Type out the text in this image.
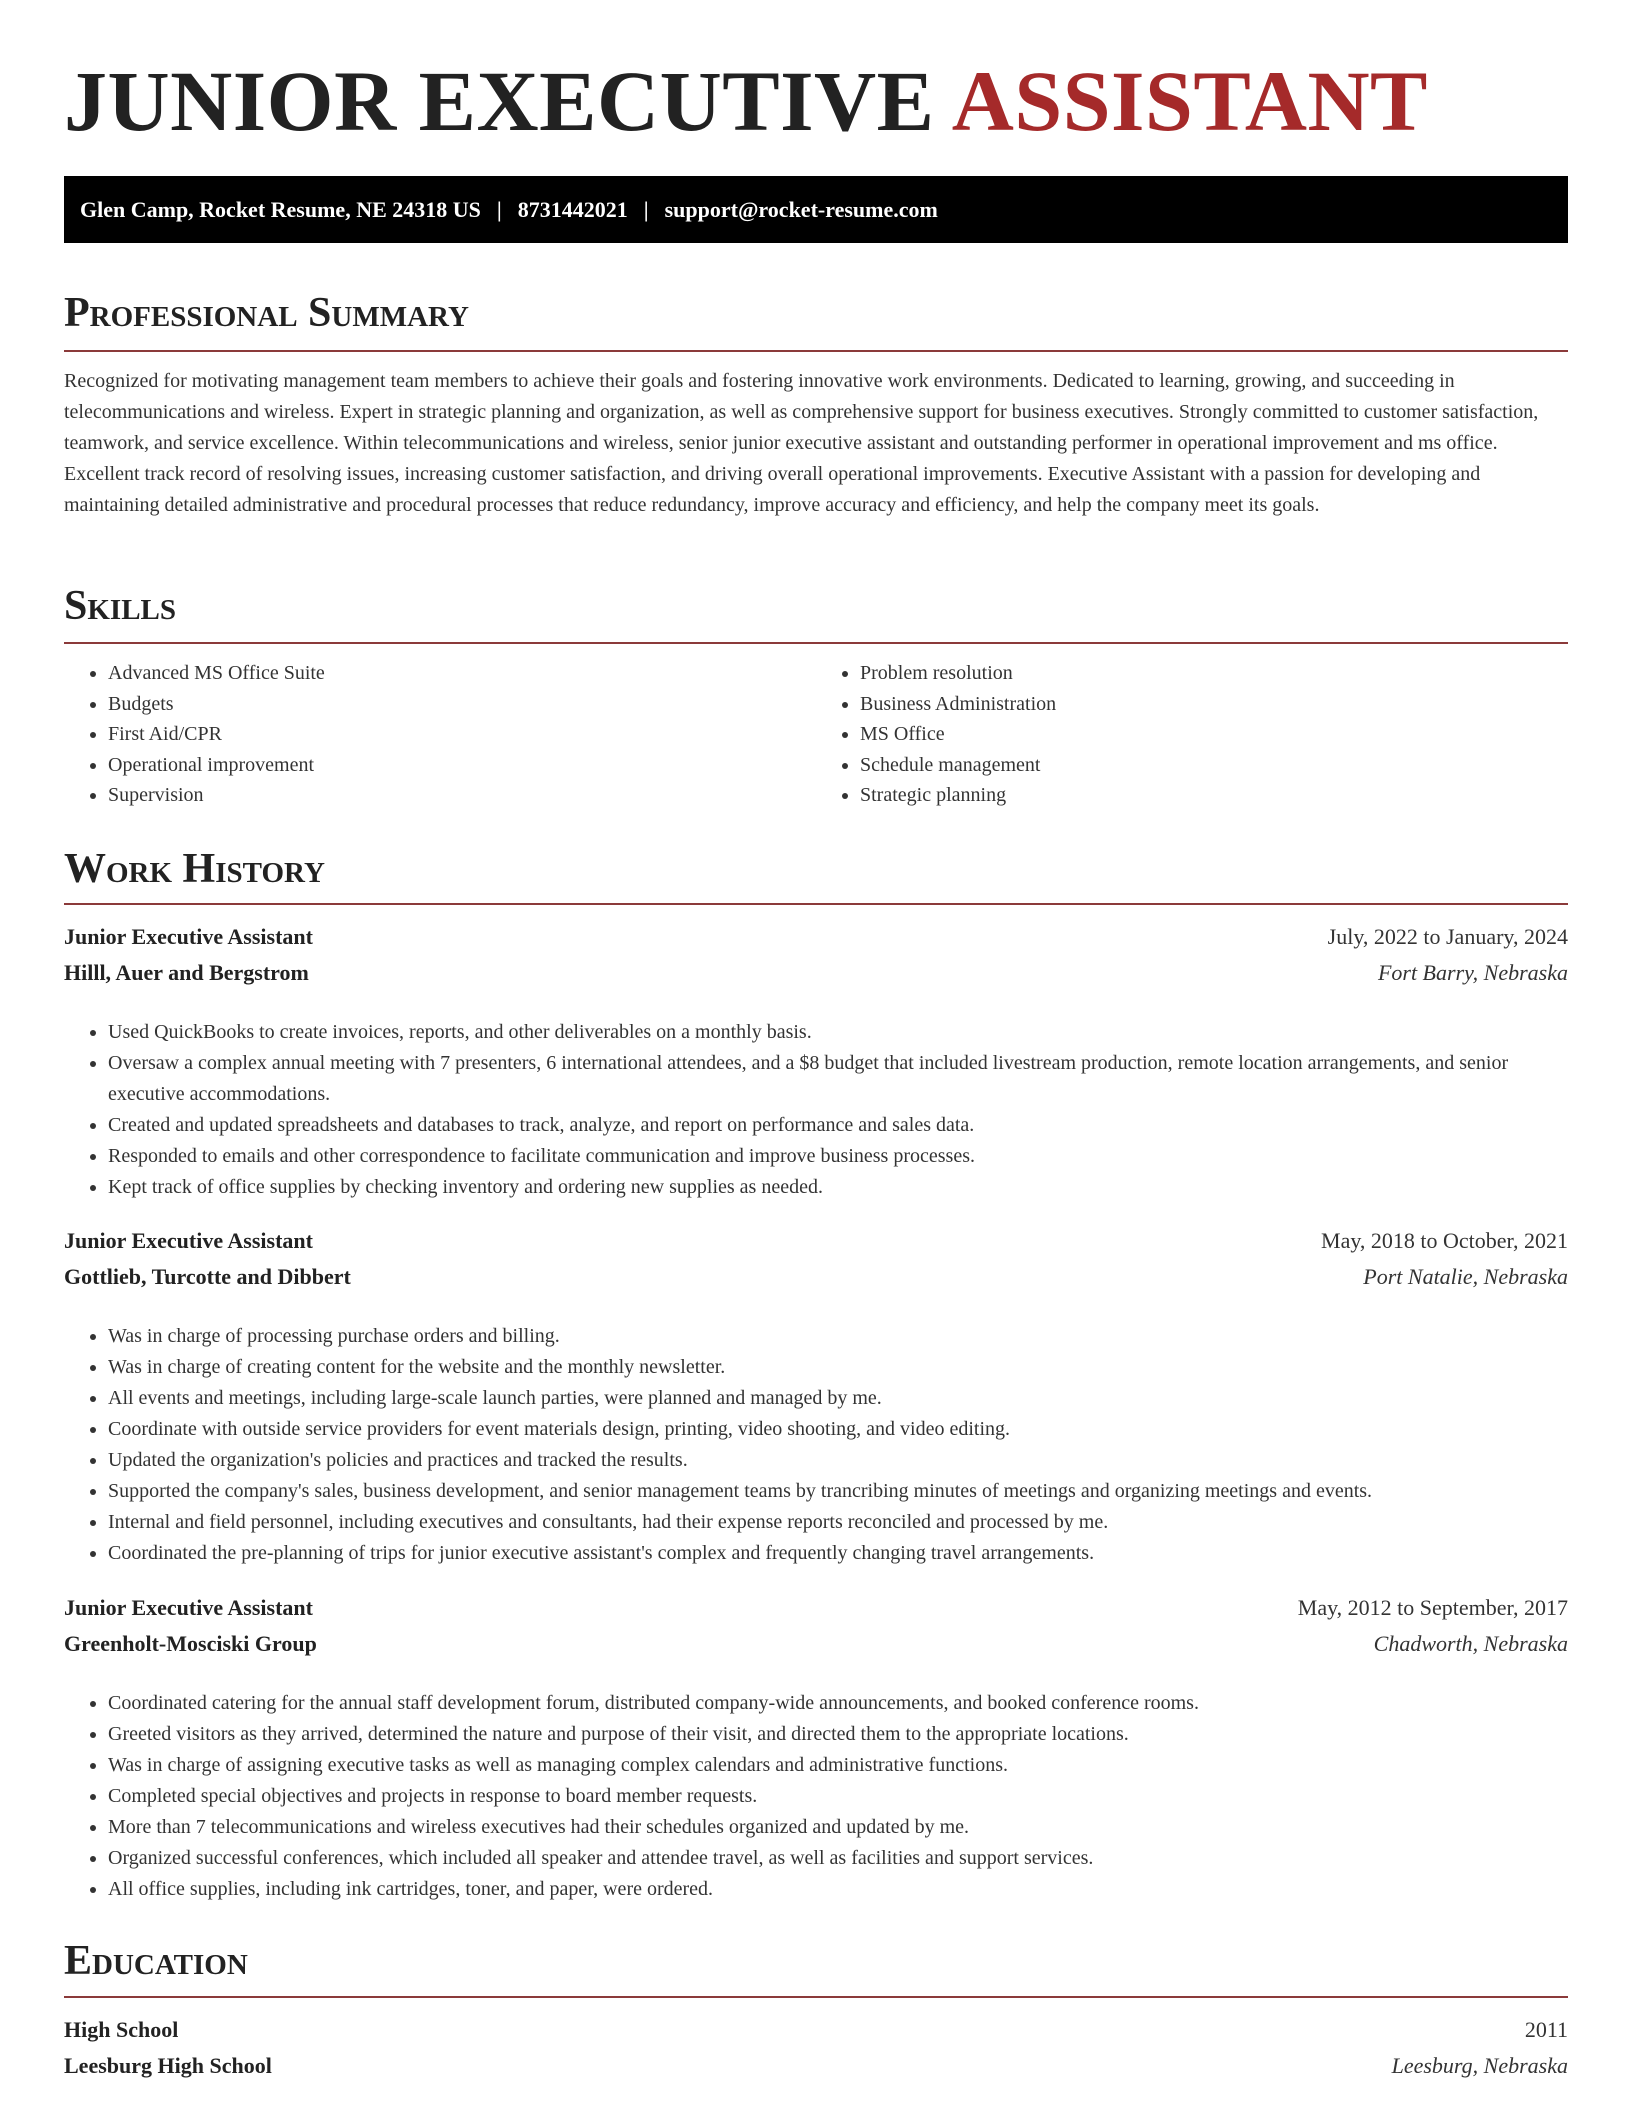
JUNIOR EXECUTIVE ASSISTANT
Glen Camp, Rocket Resume, NE 24318 US | 8731442021 | support@rocket-resume.com
Professional Summary

Recognized for motivating management team members to achieve their goals and fostering innovative work environments. Dedicated to learning, growing, and succeeding in telecommunications and wireless. Expert in strategic planning and organization, as well as comprehensive support for business executives. Strongly committed to customer satisfaction, teamwork, and service excellence. Within telecommunications and wireless, senior junior executive assistant and outstanding performer in operational improvement and ms office. Excellent track record of resolving issues, increasing customer satisfaction, and driving overall operational improvements. Executive Assistant with a passion for developing and maintaining detailed administrative and procedural processes that reduce redundancy, improve accuracy and efficiency, and help the company meet its goals.

Skills
• Advanced MS Office Suite
• Budgets
• First Aid/CPR
• Operational improvement
• Supervision
• Problem resolution
• Business Administration
• MS Office
• Schedule management
• Strategic planning
Work History
Junior Executive Assistant	July, 2022 to January, 2024
Hilll, Auer and Bergstrom	Fort Barry, Nebraska
• Used QuickBooks to create invoices, reports, and other deliverables on a monthly basis.
• Oversaw a complex annual meeting with 7 presenters, 6 international attendees, and a $8 budget that included livestream production, remote location arrangements, and senior executive accommodations.
• Created and updated spreadsheets and databases to track, analyze, and report on performance and sales data.
• Responded to emails and other correspondence to facilitate communication and improve business processes.
• Kept track of office supplies by checking inventory and ordering new supplies as needed.
Junior Executive Assistant	May, 2018 to October, 2021
Gottlieb, Turcotte and Dibbert	Port Natalie, Nebraska
• Was in charge of processing purchase orders and billing.
• Was in charge of creating content for the website and the monthly newsletter.
• All events and meetings, including large-scale launch parties, were planned and managed by me.
• Coordinate with outside service providers for event materials design, printing, video shooting, and video editing.
• Updated the organization's policies and practices and tracked the results.
• Supported the company's sales, business development, and senior management teams by trancribing minutes of meetings and organizing meetings and events.
• Internal and field personnel, including executives and consultants, had their expense reports reconciled and processed by me.
• Coordinated the pre-planning of trips for junior executive assistant's complex and frequently changing travel arrangements.
Junior Executive Assistant	May, 2012 to September, 2017
Greenholt-Mosciski Group	Chadworth, Nebraska
• Coordinated catering for the annual staff development forum, distributed company-wide announcements, and booked conference rooms.
• Greeted visitors as they arrived, determined the nature and purpose of their visit, and directed them to the appropriate locations.
• Was in charge of assigning executive tasks as well as managing complex calendars and administrative functions.
• Completed special objectives and projects in response to board member requests.
• More than 7 telecommunications and wireless executives had their schedules organized and updated by me.
• Organized successful conferences, which included all speaker and attendee travel, as well as facilities and support services.
• All office supplies, including ink cartridges, toner, and paper, were ordered.
Education
High School	2011
Leesburg High School	Leesburg, Nebraska
